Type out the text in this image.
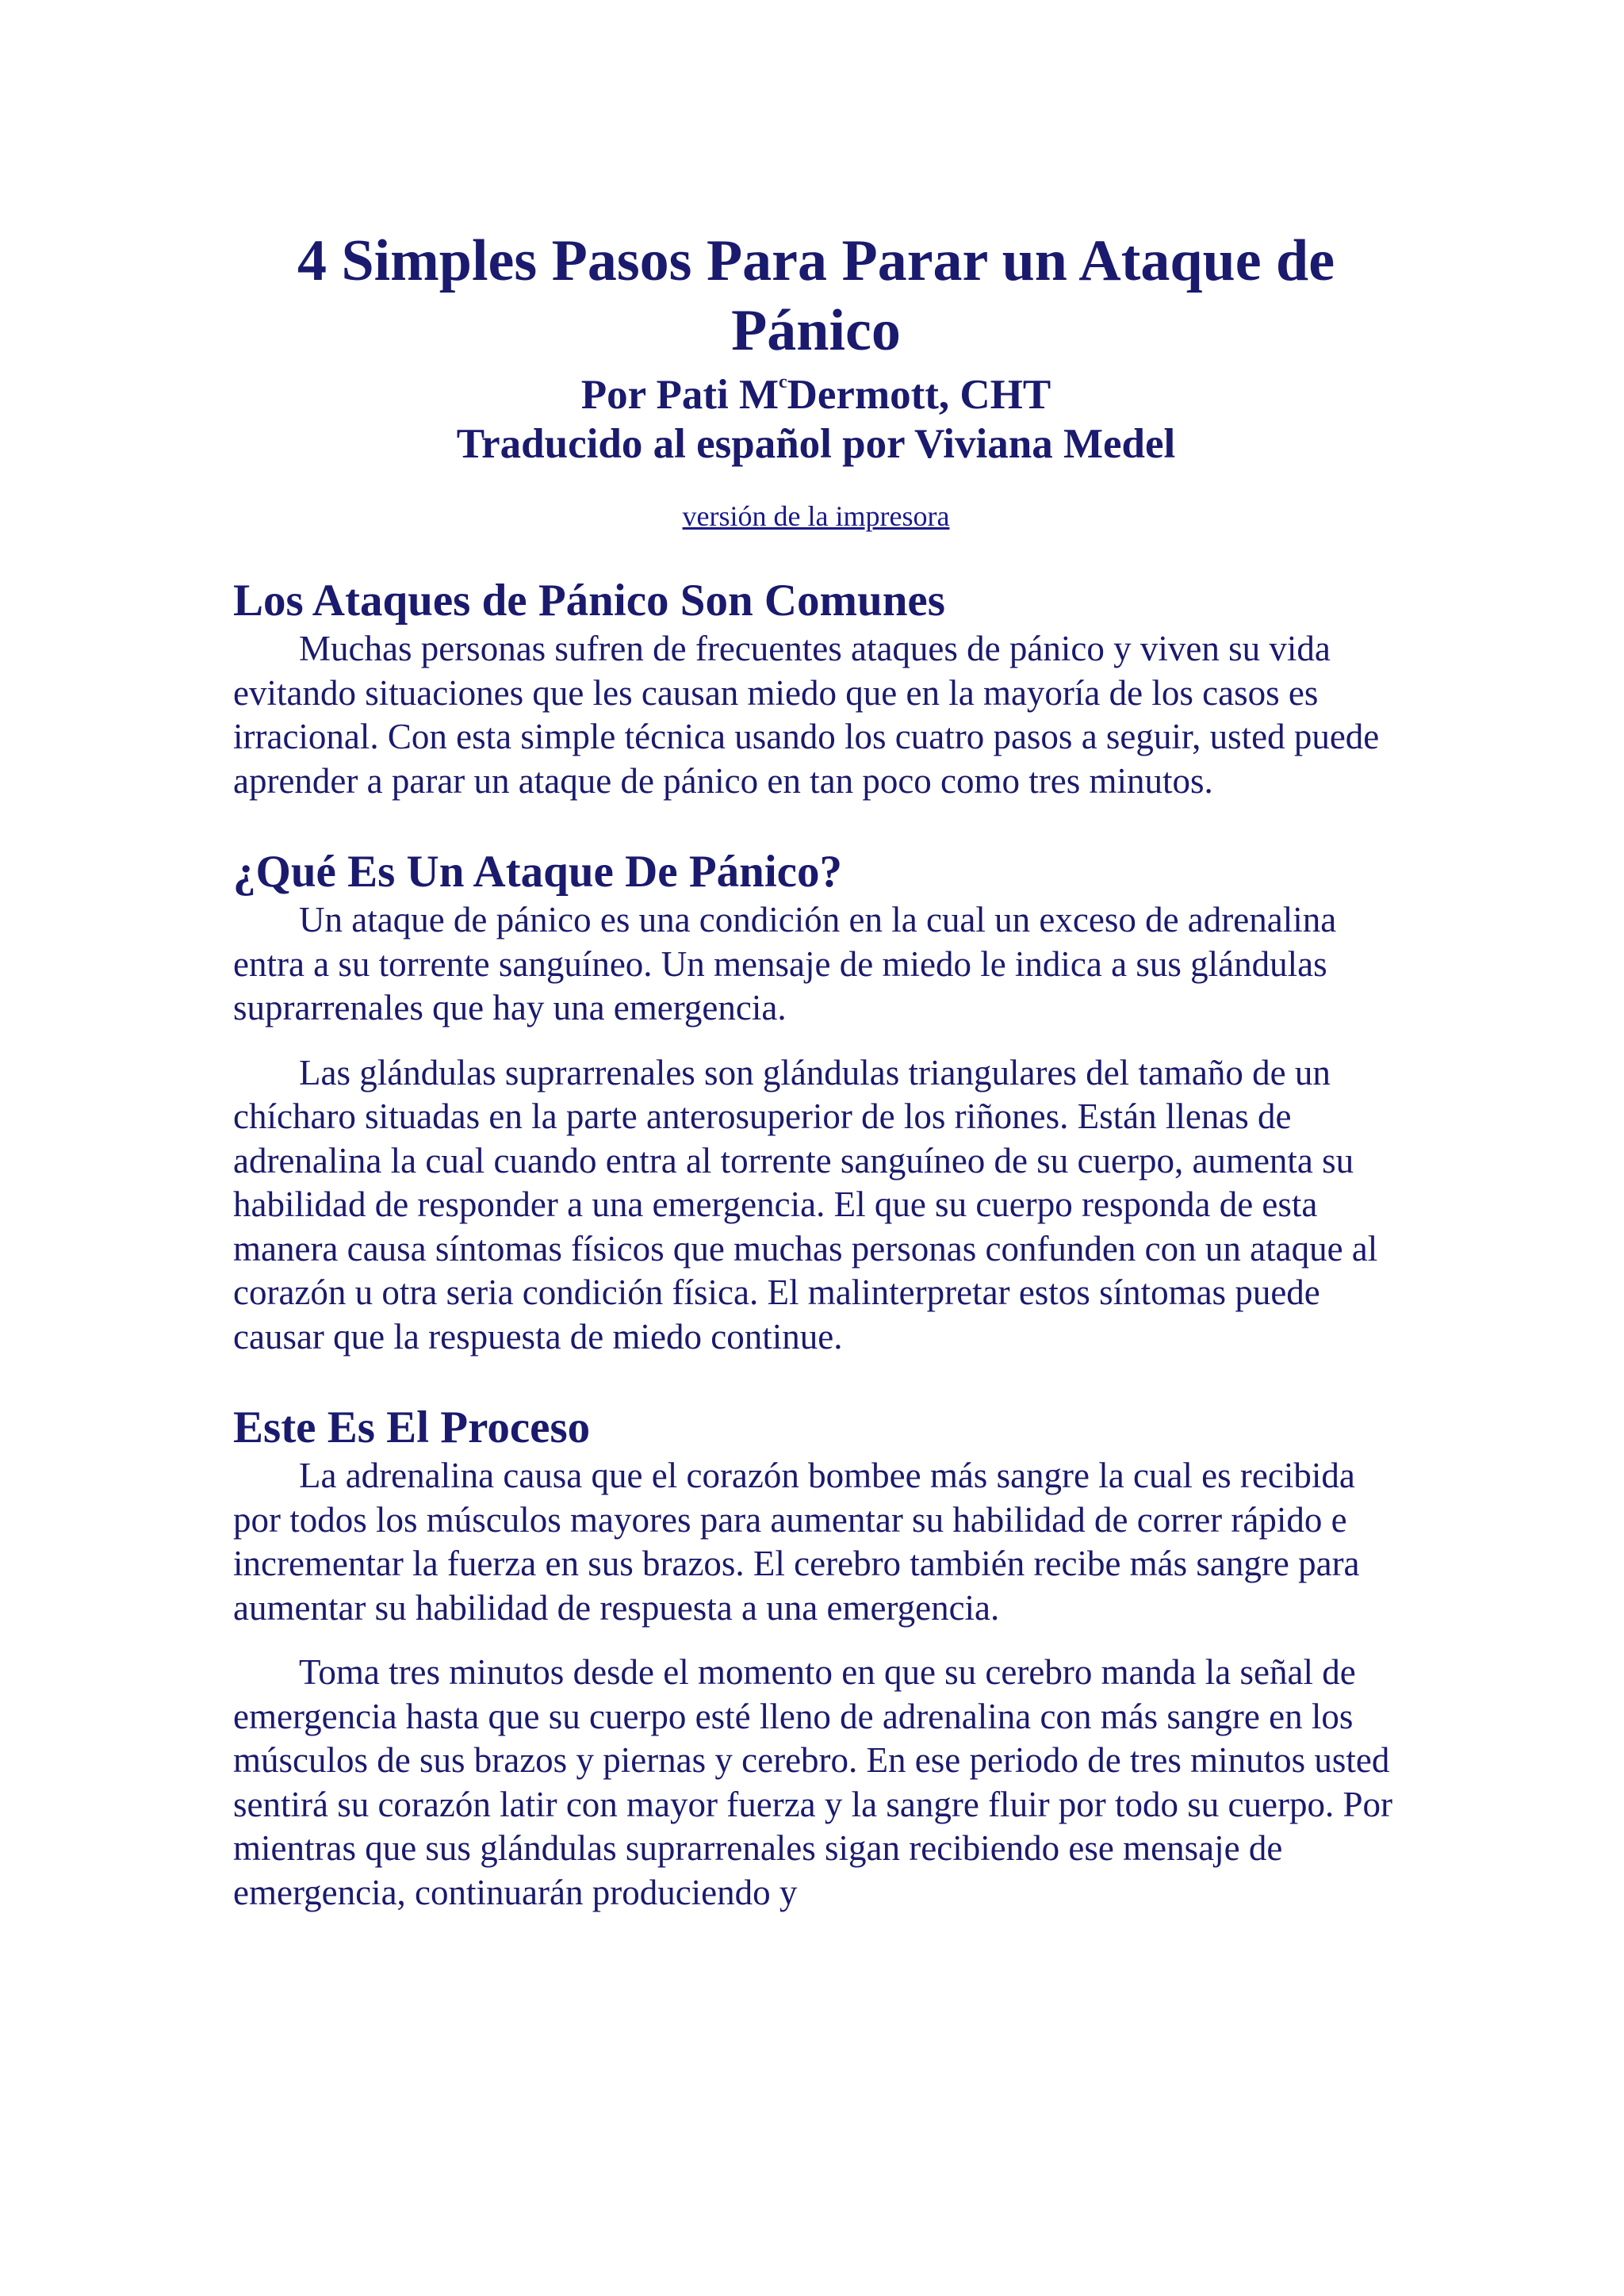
4 Simples Pasos Para Parar un Ataque de Pánico

Por Pati $M^cDermott$, CHT

Traducido al español por Viviana Medel

versión de la impresora
Los Ataques de Pánico Son Comunes

Muchas personas sufren de frecuentes ataques de pánico y viven su vida evitando situaciones que les causan miedo que en la mayoría de los casos es irracional. Con esta simple técnica usando los cuatro pasos a seguir, usted puede aprender a parar un ataque de pánico en tan poco como tres minutos.

¿Qué Es Un Ataque De Pánico?

Un ataque de pánico es una condición en la cual un exceso de adrenalina entra a su torrente sanguíneo. Un mensaje de miedo le indica a sus glándulas suprarrenales que hay una emergencia.

Las glándulas suprarrenales son glándulas triangulares del tamaño de un chícharo situadas en la parte anterosuperior de los riñones. Están llenas de adrenalina la cual cuando entra al torrente sanguíneo de su cuerpo, aumenta su habilidad de responder a una emergencia. El que su cuerpo responda de esta manera causa síntomas físicos que muchas personas confunden con un ataque al corazón u otra seria condición física. El malinterpretar estos síntomas puede causar que la respuesta de miedo continue.

Este Es El Proceso

La adrenalina causa que el corazón bombee más sangre la cual es recibida por todos los músculos mayores para aumentar su habilidad de correr rápido e incrementar la fuerza en sus brazos. El cerebro también recibe más sangre para aumentar su habilidad de respuesta a una emergencia.

Toma tres minutos desde el momento en que su cerebro manda la señal de emergencia hasta que su cuerpo esté lleno de adrenalina con más sangre en los músculos de sus brazos y piernas y cerebro. En ese periodo de tres minutos usted sentirá su corazón latir con mayor fuerza y la sangre fluir por todo su cuerpo. Por mientras que sus glándulas suprarrenales sigan recibiendo ese mensaje de emergencia, continuarán produciendo y
